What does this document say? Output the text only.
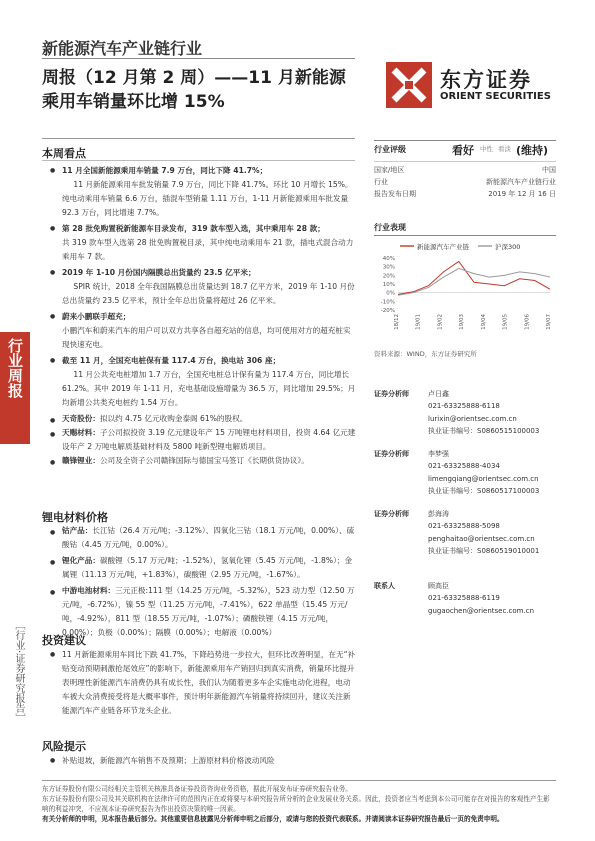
行业周报
［行业·证券研究报告］
新能源汽车产业链行业
周报（12 月第 2 周）——11 月新能源
乘用车销量环比增 15%
东方证券
ORIENT SECURITIES
本周看点
● 11 月全国新能源乘用车销量 7.9 万台，同比下降 41.7%；
11 月新能源乘用车批发销量 7.9 万台，同比下降 41.7%。环比 10 月增长 15%。纯电动乘用车销量 6.6 万台，插混车型销量 1.11 万台，1-11 月新能源乘用车批发量 92.3 万台，同比增速 7.7%。
● 第 28 批免购置税新能源车目录发布，319 款车型入选，其中乘用车 28 款；
共 319 款车型入选第 28 批免购置税目录，其中纯电动乘用车 21 款，插电式混合动力乘用车 7 款。
● 2019 年 1-10 月份国内隔膜总出货量约 23.5 亿平米；
SPIR 统计，2018 全年我国隔膜总出货量达到 18.7 亿平方米，2019 年 1-10 月份总出货量约 23.5 亿平米，预计全年总出货量将超过 26 亿平米。
● 蔚来小鹏联手超充；
小鹏汽车和蔚来汽车的用户可以双方共享各自超充站的信息，均可使用对方的超充桩实现快速充电。
● 截至 11 月，全国充电桩保有量 117.4 万台，换电站 306 座；
11 月公共充电桩增加 1.7 万台，全国充电桩总计保有量为 117.4 万台，同比增长 61.2%。其中 2019 年 1-11 月，充电基础设施增量为 36.5 万，同比增加 29.5%；月均新增公共类充电桩约 1.54 万台。
● 天奇股份：拟以约 4.75 亿元收购金泰阁 61%的股权。
● 天赐材料：子公司拟投资 3.19 亿元建设年产 15 万吨锂电材料项目，投资 4.64 亿元建设年产 2 万吨电解质基础材料及 5800 吨新型锂电解质项目。
● 赣锋锂业：公司及全资子公司赣锋国际与德国宝马签订《长期供货协议》。
锂电材料价格
● 钴产品：长江钴（26.4 万元/吨；-3.12%）、四氧化三钴（18.1 万元/吨，0.00%）、硫酸钴（4.45 万元/吨，0.00%）。
● 锂化产品：碳酸锂（5.17 万元/吨；-1.52%），氢氧化锂（5.45 万元/吨，-1.8%）；金属锂（11.13 万元/吨，+1.83%），碳酸锂（2.95 万元/吨，-1.67%）。
● 中游电池材料：三元正极:111 型（14.25 万元/吨，-5.32%），523 动力型（12.50 万元/吨，-6.72%），镍 55 型（11.25 万元/吨，-7.41%），622 单晶型（15.45 万元/吨，-4.92%），811 型（18.55 万元/吨，-1.07%）；磷酸铁锂（4.15 万元/吨，0.00%）；负极（0.00%）；隔膜（0.00%）；电解液（0.00%）
投资建议
● 11 月新能源乘用车同比下跌 41.7%，下降趋势进一步拉大，但环比改善明显，在无“补贴变动预期刺激抢尾效应”的影响下，新能源乘用车产销回归到真实消费，销量环比提升表明理性新能源汽车消费仍具有成长性，我们认为随着更多车企实施电动化进程，电动车被大众消费接受将是大概率事件，预计明年新能源汽车销量将持续回升，建议关注新能源汽车产业链各环节龙头企业。
风险提示
● 补贴退坡，新能源汽车销售不及预期；上游原材料价格波动风险
行业评级	看好 中性 看淡 (维持)
国家/地区	中国
行业	新能源汽车产业链行业
报告发布日期	2019 年 12 月 16 日
行业表现
新能源汽车产业链	沪深300
40%
30%
20%
10%
0%
-10%
-20%
18/12	19/01	19/02	19/03	19/04	19/05	19/06	19/07
资料来源：WIND，东方证券研究所
证券分析师	卢日鑫
021-63325888-6118
lurixin@orientsec.com.cn
执业证书编号：S0860515100003
证券分析师	李梦强
021-63325888-4034
limengqiang@orientsec.com.cn
执业证书编号：S0860517100003
证券分析师	彭海涛
021-63325888-5098
penghaitao@orientsec.com.cn
执业证书编号：S0860519010001
联系人	顾高臣
021-63325888-6119
gugaochen@orientsec.com.cn
东方证券股份有限公司经相关主管机关核准具备证券投资咨询业务资格，据此开展发布证券研究报告业务。
东方证券股份有限公司及其关联机构在法律许可的范围内正在或将要与本研究报告所分析的企业发展业务关系。因此，投资者应当考虑到本公司可能存在对报告的客观性产生影响的利益冲突，不应视本证券研究报告为作出投资决策的唯一因素。
有关分析师的申明，见本报告最后部分。其他重要信息披露见分析师申明之后部分，或请与您的投资代表联系。并请阅读本证券研究报告最后一页的免责申明。
